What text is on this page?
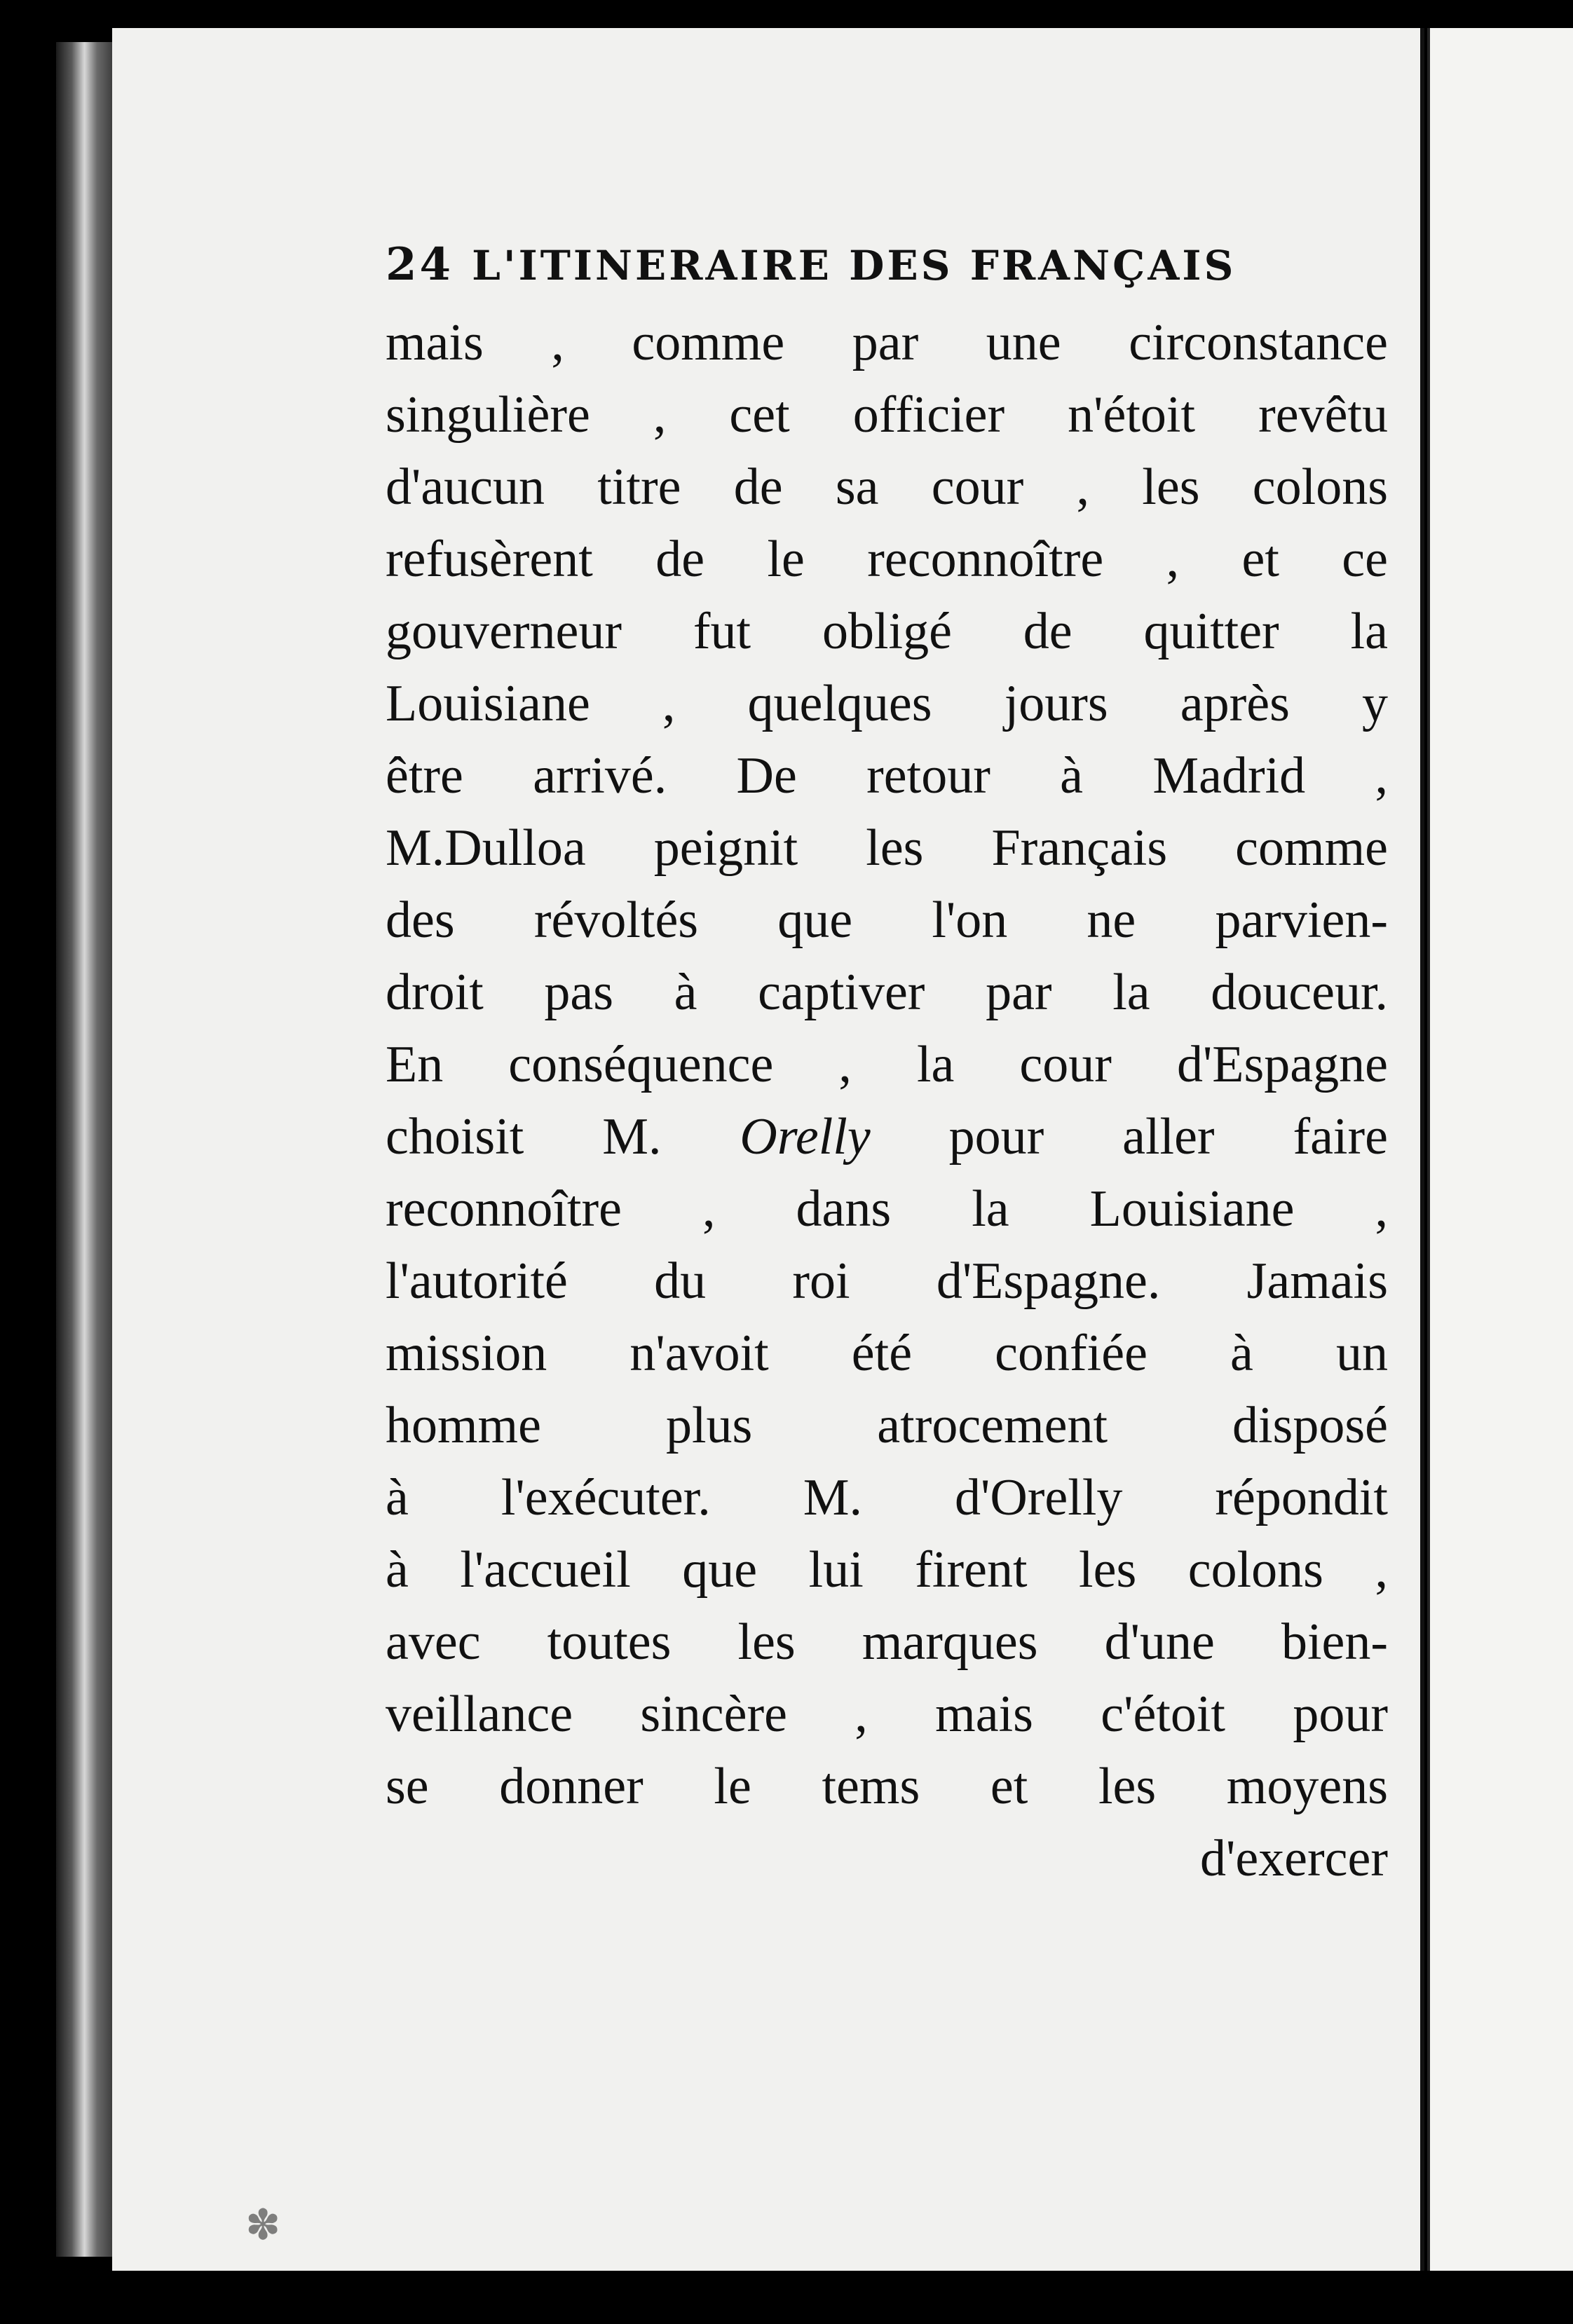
24 L'ITINERAIRE DES FRANÇAIS
mais , comme par une circonstance
singulière , cet officier n'étoit revêtu
d'aucun titre de sa cour , les colons
refusèrent de le reconnoître , et ce
gouverneur fut obligé de quitter la
Louisiane , quelques jours après y
être arrivé. De retour à Madrid ,
M.Dulloa peignit les Français comme
des révoltés que l'on ne parvien-
droit pas à captiver par la douceur.
En conséquence , la cour d'Espagne
choisit M. Orelly pour aller faire
reconnoître , dans la Louisiane ,
l'autorité du roi d'Espagne. Jamais
mission n'avoit été confiée à un
homme plus atrocement disposé
à l'exécuter. M. d'Orelly répondit
à l'accueil que lui firent les colons ,
avec toutes les marques d'une bien-
veillance sincère , mais c'étoit pour
se donner le tems et les moyens
d'exercer
✽
